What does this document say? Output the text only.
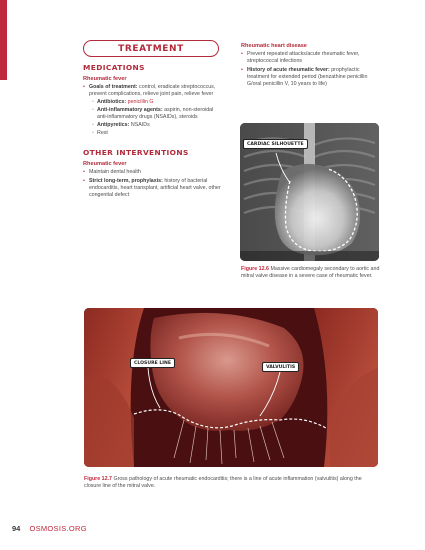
TREATMENT
MEDICATIONS
Rheumatic fever
• Goals of treatment: control, eradicate streptococcus, prevent complications, relieve joint pain, relieve fever
◦ Antibiotics: penicillin G
◦ Anti-inflammatory agents: aspirin, non-steroidal anti-inflammatory drugs (NSAIDs), steroids
◦ Antipyretics: NSAIDs
◦ Rest
OTHER INTERVENTIONS
Rheumatic fever
• Maintain dental health
• Strict long-term, prophylaxis: history of bacterial endocarditis, heart transplant, artificial heart valve, other congenital defect
Rheumatic heart disease
• Prevent repeated attacks/acute rheumatic fever, streptococcal infections
• History of acute rheumatic fever: prophylactic treatment for extended period (benzathine penicillin G/oral penicillin V, 10 years to life)
CARDIAC SILHOUETTE
Figure 12.6 Massive cardiomegaly secondary to aortic and mitral valve disease in a severe case of rheumatic fever.
CLOSURE LINE
VALVULITIS
Figure 12.7 Gross pathology of acute rheumatic endocarditis; there is a line of acute inflammation (valvulitis) along the closure line of the mitral valve.
94 OSMOSIS.ORG
